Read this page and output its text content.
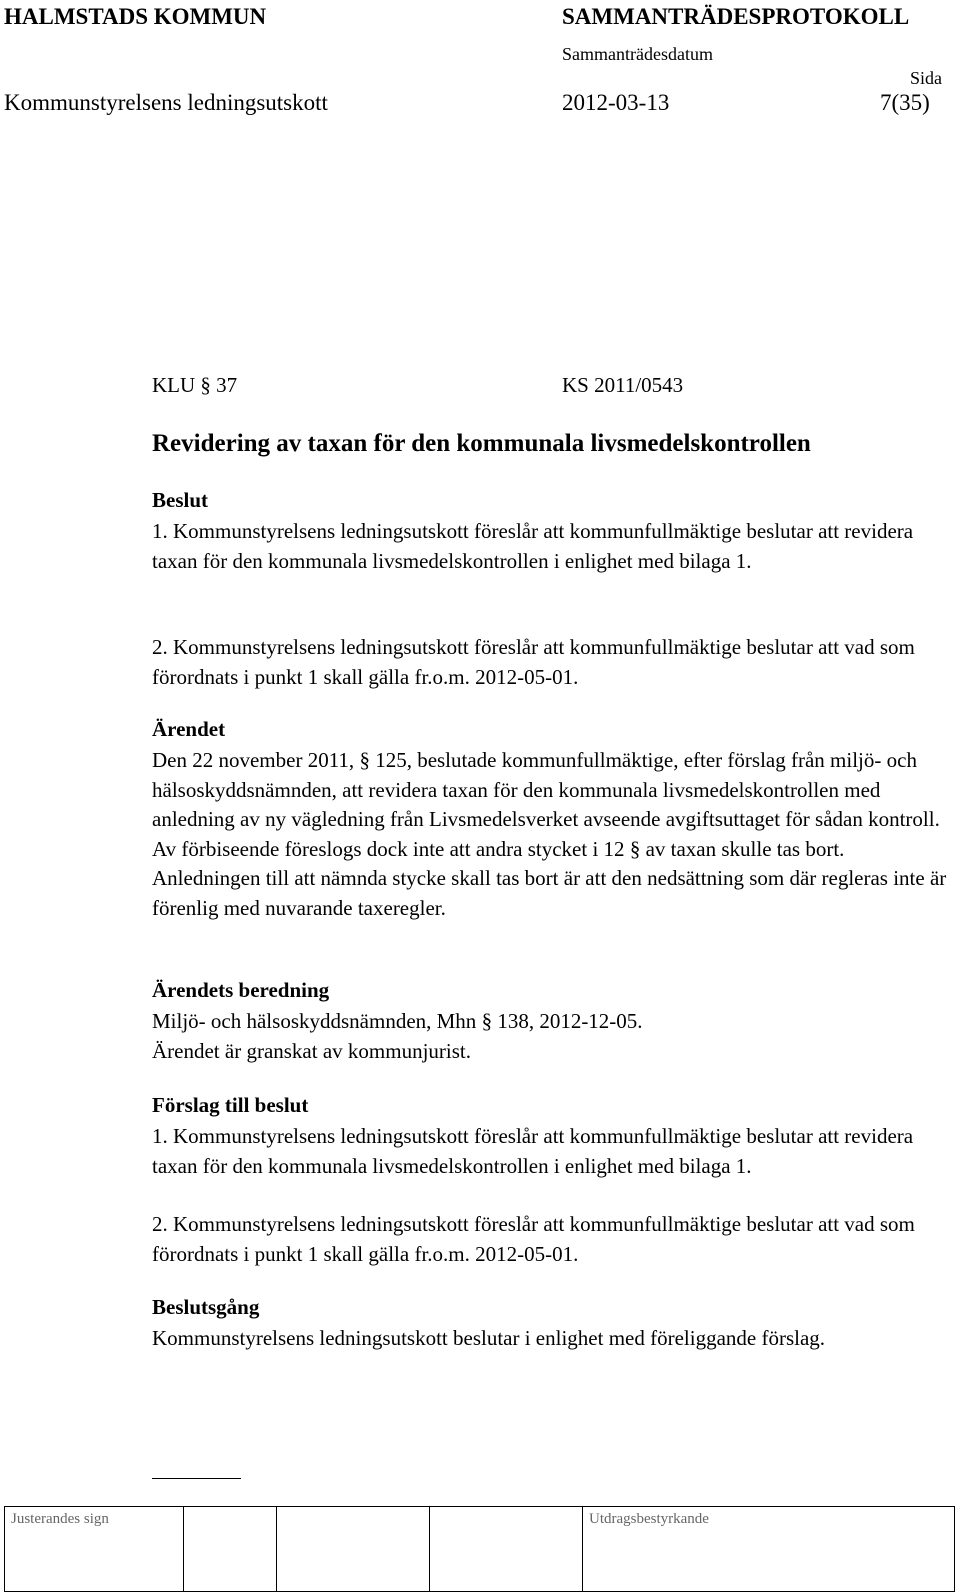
HALMSTADS KOMMUN	SAMMANTRÄDESPROTOKOLL
Sammanträdesdatum
Sida
Kommunstyrelsens ledningsutskott	2012-03-13	7(35)
KLU § 37	KS 2011/0543
Revidering av taxan för den kommunala livsmedelskontrollen
Beslut

1. Kommunstyrelsens ledningsutskott föreslår att kommunfullmäktige beslutar att revidera taxan för den kommunala livsmedelskontrollen i enlighet med bilaga 1.

2. Kommunstyrelsens ledningsutskott föreslår att kommunfullmäktige beslutar att vad som förordnats i punkt 1 skall gälla fr.o.m. 2012-05-01.

Ärendet

Den 22 november 2011, § 125, beslutade kommunfullmäktige, efter förslag från miljö- och hälsoskyddsnämnden, att revidera taxan för den kommunala livsmedelskontrollen med anledning av ny vägledning från Livsmedelsverket avseende avgiftsuttaget för sådan kontroll. Av förbiseende föreslogs dock inte att andra stycket i 12 § av taxan skulle tas bort. Anledningen till att nämnda stycke skall tas bort är att den nedsättning som där regleras inte är förenlig med nuvarande taxeregler.

Ärendets beredning

Miljö- och hälsoskyddsnämnden, Mhn § 138, 2012-12-05.

Ärendet är granskat av kommunjurist.

Förslag till beslut

1. Kommunstyrelsens ledningsutskott föreslår att kommunfullmäktige beslutar att revidera taxan för den kommunala livsmedelskontrollen i enlighet med bilaga 1.

2. Kommunstyrelsens ledningsutskott föreslår att kommunfullmäktige beslutar att vad som förordnats i punkt 1 skall gälla fr.o.m. 2012-05-01.

Beslutsgång

Kommunstyrelsens ledningsutskott beslutar i enlighet med föreliggande förslag.

Justerandes sign				Utdragsbestyrkande
